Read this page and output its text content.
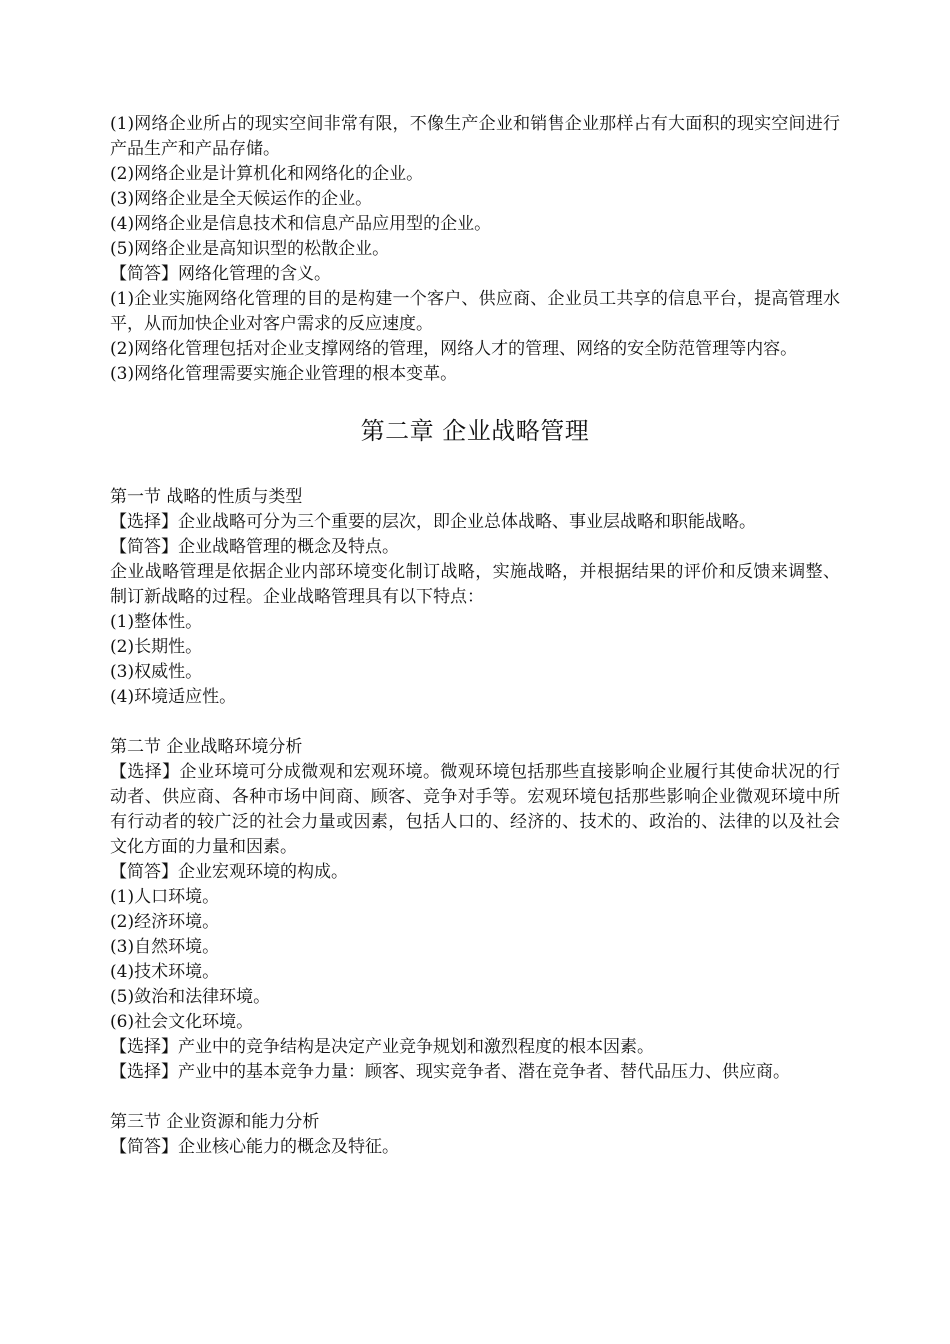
(1)网络企业所占的现实空间非常有限，不像生产企业和销售企业那样占有大面积的现实空间进行产品生产和产品存储。

(2)网络企业是计算机化和网络化的企业。

(3)网络企业是全天候运作的企业。

(4)网络企业是信息技术和信息产品应用型的企业。

(5)网络企业是高知识型的松散企业。

【简答】网络化管理的含义。

(1)企业实施网络化管理的目的是构建一个客户、供应商、企业员工共享的信息平台，提高管理水平，从而加快企业对客户需求的反应速度。

(2)网络化管理包括对企业支撑网络的管理，网络人才的管理、网络的安全防范管理等内容。

(3)网络化管理需要实施企业管理的根本变革。

第二章 企业战略管理

第一节 战略的性质与类型

【选择】企业战略可分为三个重要的层次，即企业总体战略、事业层战略和职能战略。

【简答】企业战略管理的概念及特点。

企业战略管理是依据企业内部环境变化制订战略，实施战略，并根据结果的评价和反馈来调整、制订新战略的过程。企业战略管理具有以下特点：

(1)整体性。

(2)长期性。

(3)权威性。

(4)环境适应性。

第二节 企业战略环境分析

【选择】企业环境可分成微观和宏观环境。微观环境包括那些直接影响企业履行其使命状况的行动者、供应商、各种市场中间商、顾客、竞争对手等。宏观环境包括那些影响企业微观环境中所有行动者的较广泛的社会力量或因素，包括人口的、经济的、技术的、政治的、法律的以及社会文化方面的力量和因素。

【简答】企业宏观环境的构成。

(1)人口环境。

(2)经济环境。

(3)自然环境。

(4)技术环境。

(5)敛治和法律环境。

(6)社会文化环境。

【选择】产业中的竞争结构是决定产业竞争规划和激烈程度的根本因素。

【选择】产业中的基本竞争力量：顾客、现实竞争者、潜在竞争者、替代品压力、供应商。

第三节 企业资源和能力分析

【简答】企业核心能力的概念及特征。
